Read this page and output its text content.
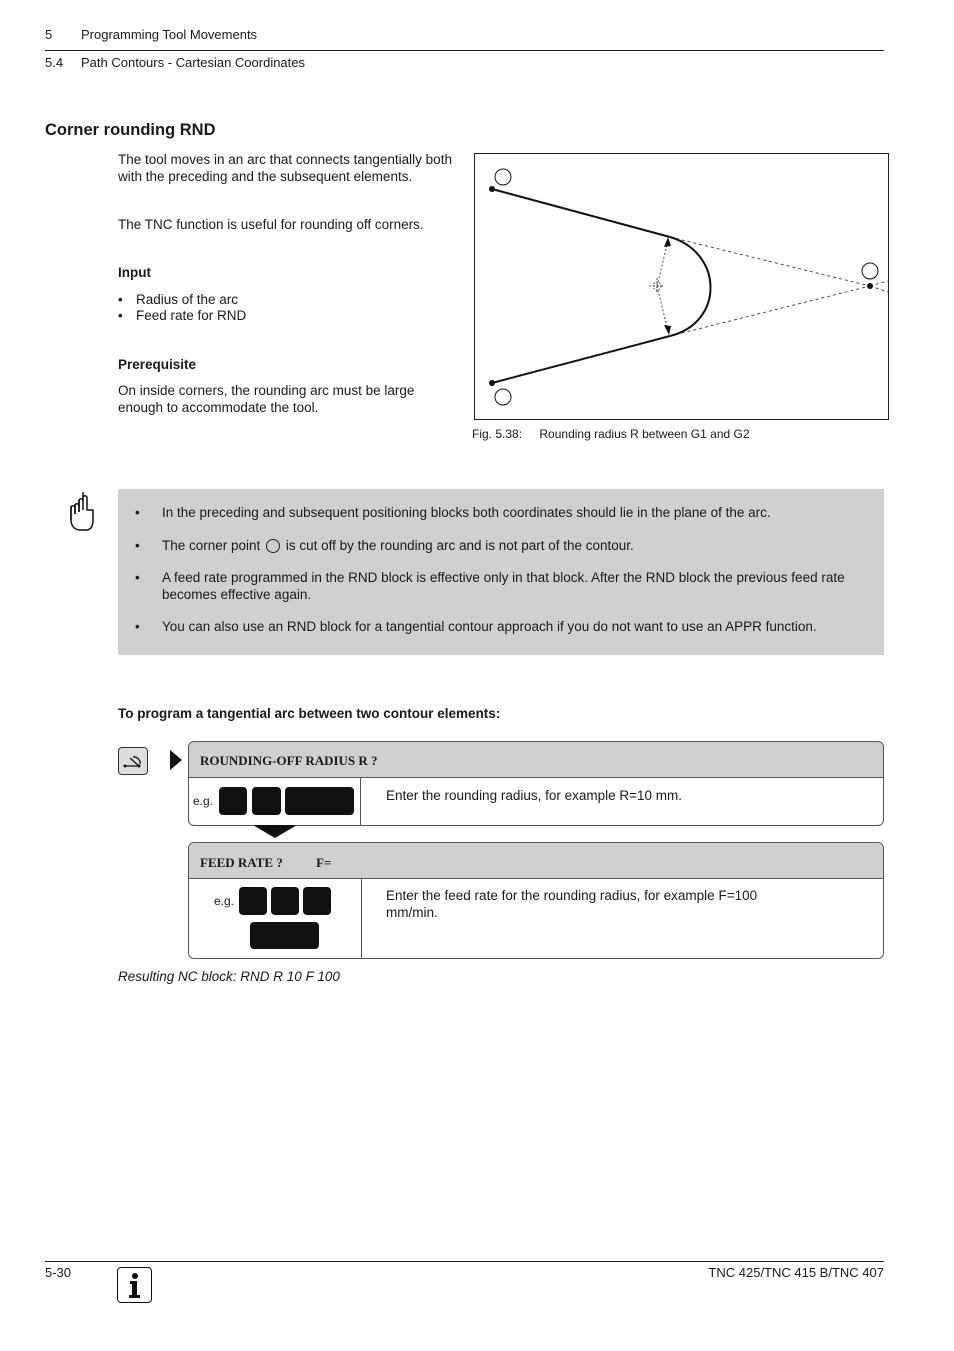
5 Programming Tool Movements
5.4 Path Contours - Cartesian Coordinates
Corner rounding RND
The tool moves in an arc that connects tangentially both with the preceding and the subsequent elements.
The TNC function is useful for rounding off corners.
Input
• Radius of the arc
• Feed rate for RND
Prerequisite
On inside corners, the rounding arc must be large enough to accommodate the tool.
Fig. 5.38: Rounding radius R between G1 and G2
• In the preceding and subsequent positioning blocks both coordinates should lie in the plane of the arc.
• The corner point is cut off by the rounding arc and is not part of the contour.
• A feed rate programmed in the RND block is effective only in that block. After the RND block the previous feed rate becomes effective again.
• You can also use an RND block for a tangential contour approach if you do not want to use an APPR function.
To program a tangential arc between two contour elements:
ROUNDING-OFF RADIUS R ?
e.g.	Enter the rounding radius, for example R=10 mm.
FEED RATE ?	F=
e.g.	Enter the feed rate for the rounding radius, for example F=100 mm/min.
Resulting NC block: RND R 10 F 100
5-30	TNC 425/TNC 415 B/TNC 407
